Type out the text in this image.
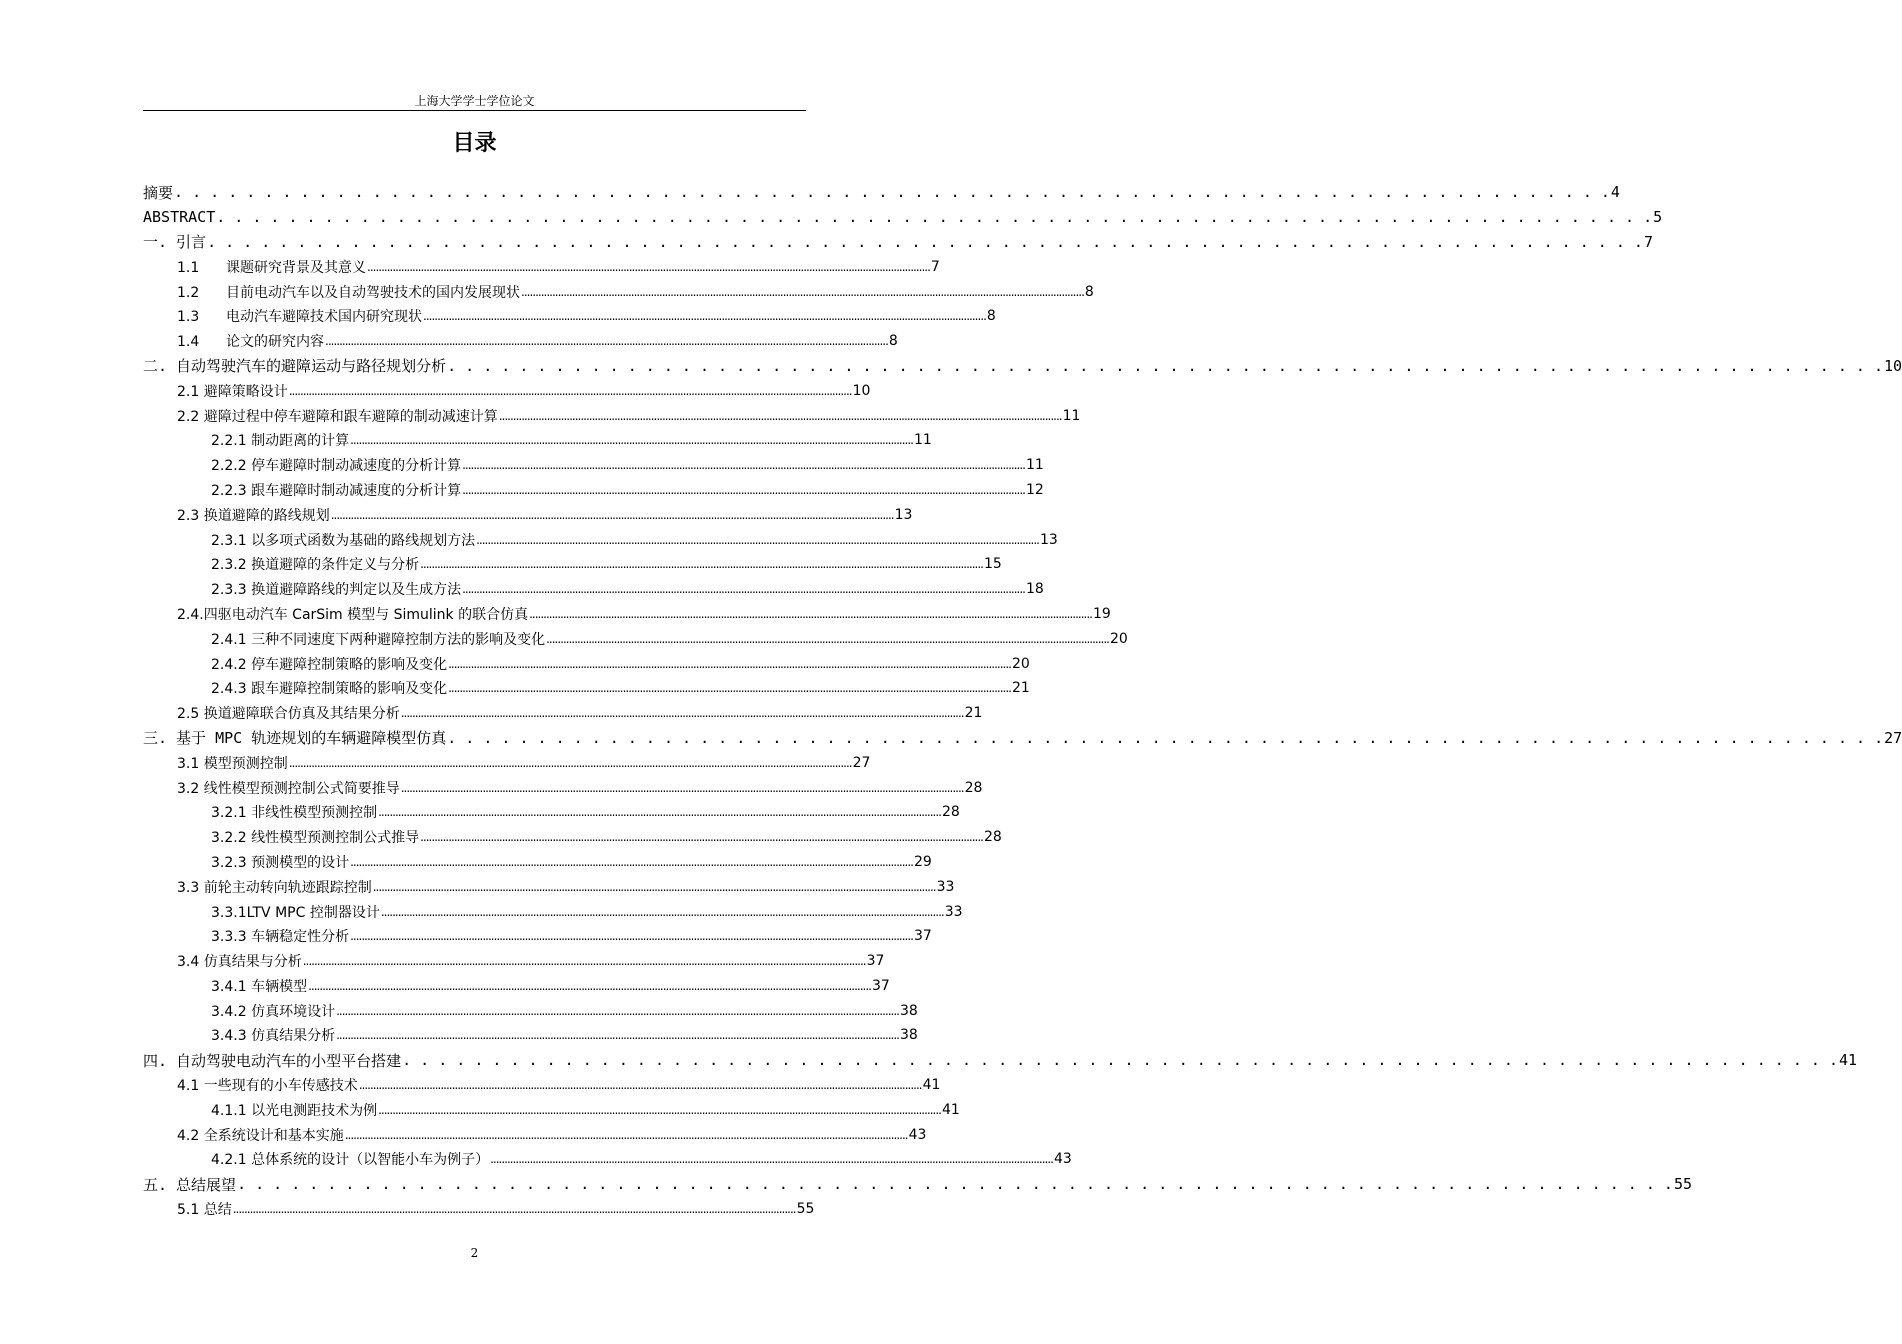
上海大学学士学位论文
目录
摘要 . . . . . . . . . . . . . . . . . . . . . . . . . . . . . . . . . . . . . . . . . . . . . . . . . . . . . . . . . . . . . . . . . . . . . . . . . . . . . . . . 4
ABSTRACT . . . . . . . . . . . . . . . . . . . . . . . . . . . . . . . . . . . . . . . . . . . . . . . . . . . . . . . . . . . . . . . . . . . . . . . . . . . . . . . . 5
一. 引言 . . . . . . . . . . . . . . . . . . . . . . . . . . . . . . . . . . . . . . . . . . . . . . . . . . . . . . . . . . . . . . . . . . . . . . . . . . . . . . . . 7
1.1 课题研究背景及其意义 ........................................................................................................................................................................................................ 7
1.2 目前电动汽车以及自动驾驶技术的国内发展现状 ........................................................................................................................................................................................................ 8
1.3 电动汽车避障技术国内研究现状 ........................................................................................................................................................................................................ 8
1.4 论文的研究内容 ........................................................................................................................................................................................................ 8
二. 自动驾驶汽车的避障运动与路径规划分析 . . . . . . . . . . . . . . . . . . . . . . . . . . . . . . . . . . . . . . . . . . . . . . . . . . . . . . . . . . . . . . . . . . . . . . . . . . . . . . . . 10
2.1 避障策略设计 ........................................................................................................................................................................................................ 10
2.2 避障过程中停车避障和跟车避障的制动减速计算 ........................................................................................................................................................................................................ 11
2.2.1 制动距离的计算 ........................................................................................................................................................................................................ 11
2.2.2 停车避障时制动减速度的分析计算 ........................................................................................................................................................................................................ 11
2.2.3 跟车避障时制动减速度的分析计算 ........................................................................................................................................................................................................ 12
2.3 换道避障的路线规划 ........................................................................................................................................................................................................ 13
2.3.1 以多项式函数为基础的路线规划方法 ........................................................................................................................................................................................................ 13
2.3.2 换道避障的条件定义与分析 ........................................................................................................................................................................................................ 15
2.3.3 换道避障路线的判定以及生成方法 ........................................................................................................................................................................................................ 18
2.4.四驱电动汽车 CarSim 模型与 Simulink 的联合仿真 ........................................................................................................................................................................................................ 19
2.4.1 三种不同速度下两种避障控制方法的影响及变化 ........................................................................................................................................................................................................ 20
2.4.2 停车避障控制策略的影响及变化 ........................................................................................................................................................................................................ 20
2.4.3 跟车避障控制策略的影响及变化 ........................................................................................................................................................................................................ 21
2.5 换道避障联合仿真及其结果分析 ........................................................................................................................................................................................................ 21
三. 基于 MPC 轨迹规划的车辆避障模型仿真 . . . . . . . . . . . . . . . . . . . . . . . . . . . . . . . . . . . . . . . . . . . . . . . . . . . . . . . . . . . . . . . . . . . . . . . . . . . . . . . . 27
3.1 模型预测控制 ........................................................................................................................................................................................................ 27
3.2 线性模型预测控制公式简要推导 ........................................................................................................................................................................................................ 28
3.2.1 非线性模型预测控制 ........................................................................................................................................................................................................ 28
3.2.2 线性模型预测控制公式推导 ........................................................................................................................................................................................................ 28
3.2.3 预测模型的设计 ........................................................................................................................................................................................................ 29
3.3 前轮主动转向轨迹跟踪控制 ........................................................................................................................................................................................................ 33
3.3.1LTV MPC 控制器设计 ........................................................................................................................................................................................................ 33
3.3.3 车辆稳定性分析 ........................................................................................................................................................................................................ 37
3.4 仿真结果与分析 ........................................................................................................................................................................................................ 37
3.4.1 车辆模型 ........................................................................................................................................................................................................ 37
3.4.2 仿真环境设计 ........................................................................................................................................................................................................ 38
3.4.3 仿真结果分析 ........................................................................................................................................................................................................ 38
四. 自动驾驶电动汽车的小型平台搭建 . . . . . . . . . . . . . . . . . . . . . . . . . . . . . . . . . . . . . . . . . . . . . . . . . . . . . . . . . . . . . . . . . . . . . . . . . . . . . . . . 41
4.1 一些现有的小车传感技术 ........................................................................................................................................................................................................ 41
4.1.1 以光电测距技术为例 ........................................................................................................................................................................................................ 41
4.2 全系统设计和基本实施 ........................................................................................................................................................................................................ 43
4.2.1 总体系统的设计（以智能小车为例子） ........................................................................................................................................................................................................ 43
五. 总结展望 . . . . . . . . . . . . . . . . . . . . . . . . . . . . . . . . . . . . . . . . . . . . . . . . . . . . . . . . . . . . . . . . . . . . . . . . . . . . . . . . 55
5.1 总结 ........................................................................................................................................................................................................ 55
2
